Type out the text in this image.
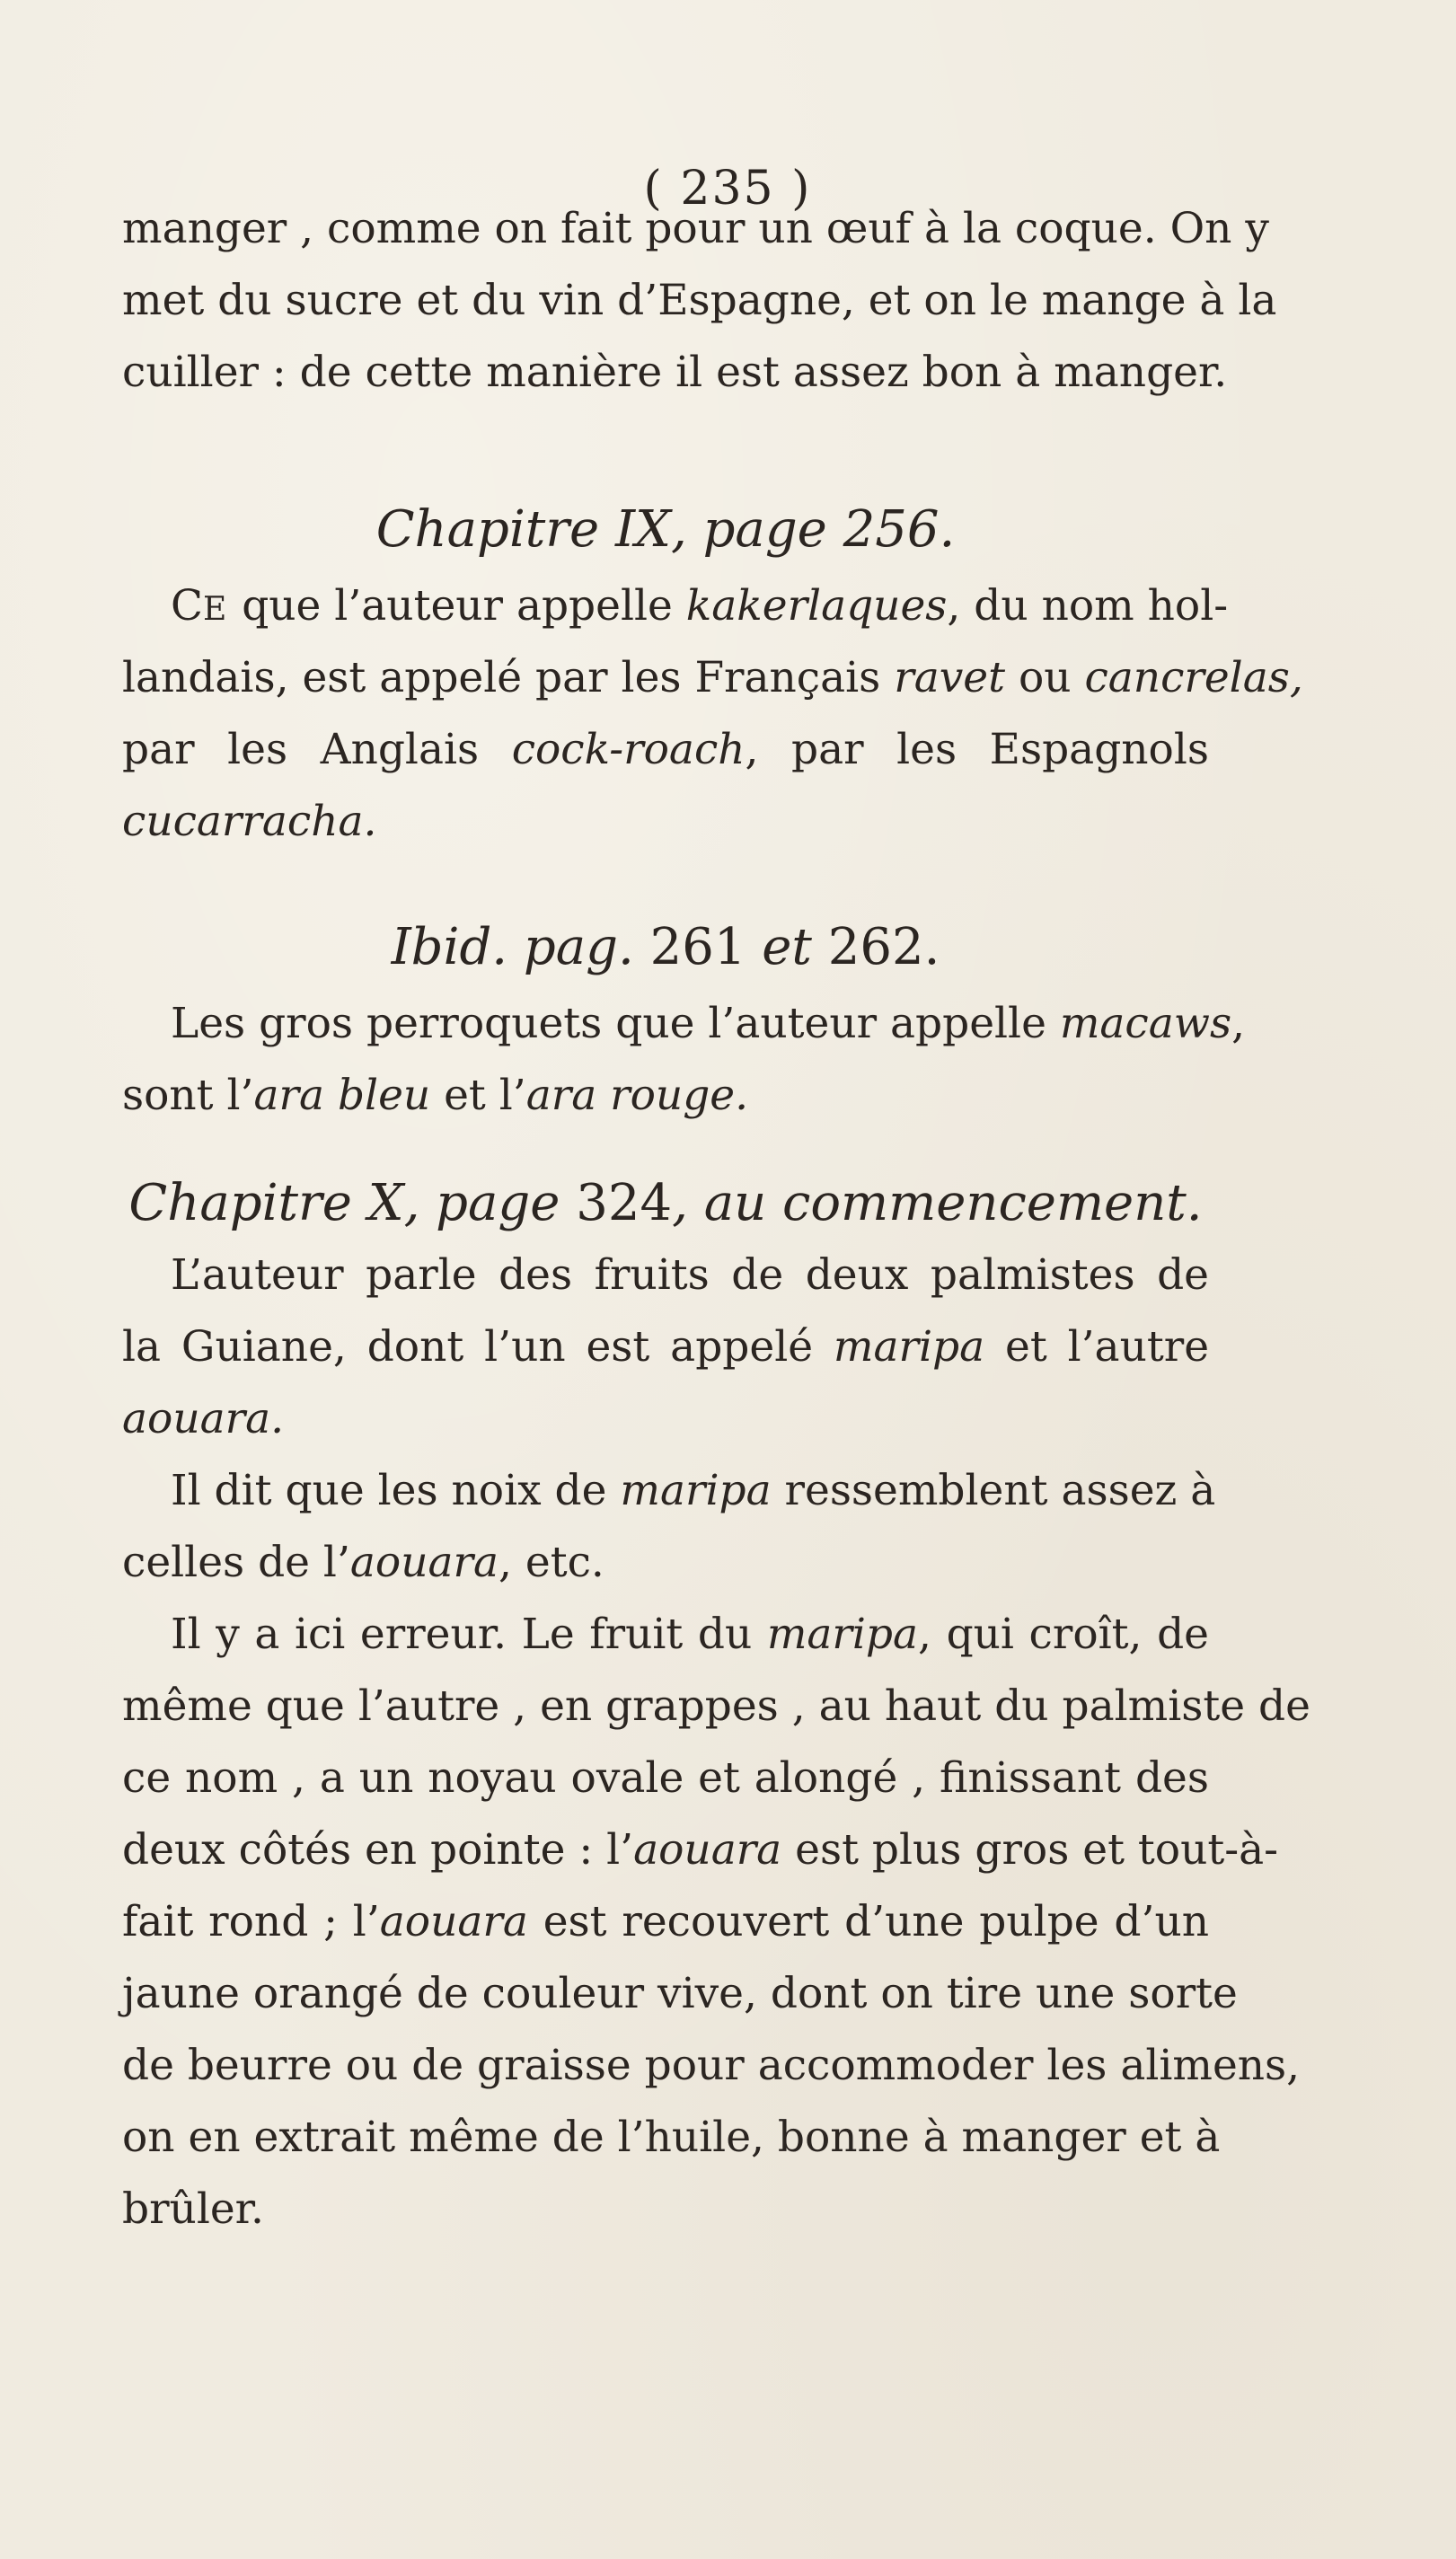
( 235 )
manger , comme on fait pour un œuf à la coque. On y
met du sucre et du vin d’Espagne, et on le mange à la
cuiller : de cette manière il est assez bon à manger.
Chapitre IX, page 256.
CE que l’auteur appelle kakerlaques, du nom hol-
landais, est appelé par les Français ravet ou cancrelas,
par les Anglais cock-roach, par les Espagnols
cucarracha.
Ibid. pag. 261 et 262.
Les gros perroquets que l’auteur appelle macaws,
sont l’ara bleu et l’ara rouge.
Chapitre X, page 324, au commencement.
L’auteur parle des fruits de deux palmistes de
la Guiane, dont l’un est appelé maripa et l’autre
aouara.
Il dit que les noix de maripa ressemblent assez à
celles de l’aouara, etc.
Il y a ici erreur. Le fruit du maripa, qui croît, de
même que l’autre , en grappes , au haut du palmiste de
ce nom , a un noyau ovale et alongé , finissant des
deux côtés en pointe : l’aouara est plus gros et tout-à-
fait rond ; l’aouara est recouvert d’une pulpe d’un
jaune orangé de couleur vive, dont on tire une sorte
de beurre ou de graisse pour accommoder les alimens,
on en extrait même de l’huile, bonne à manger et à
brûler.
